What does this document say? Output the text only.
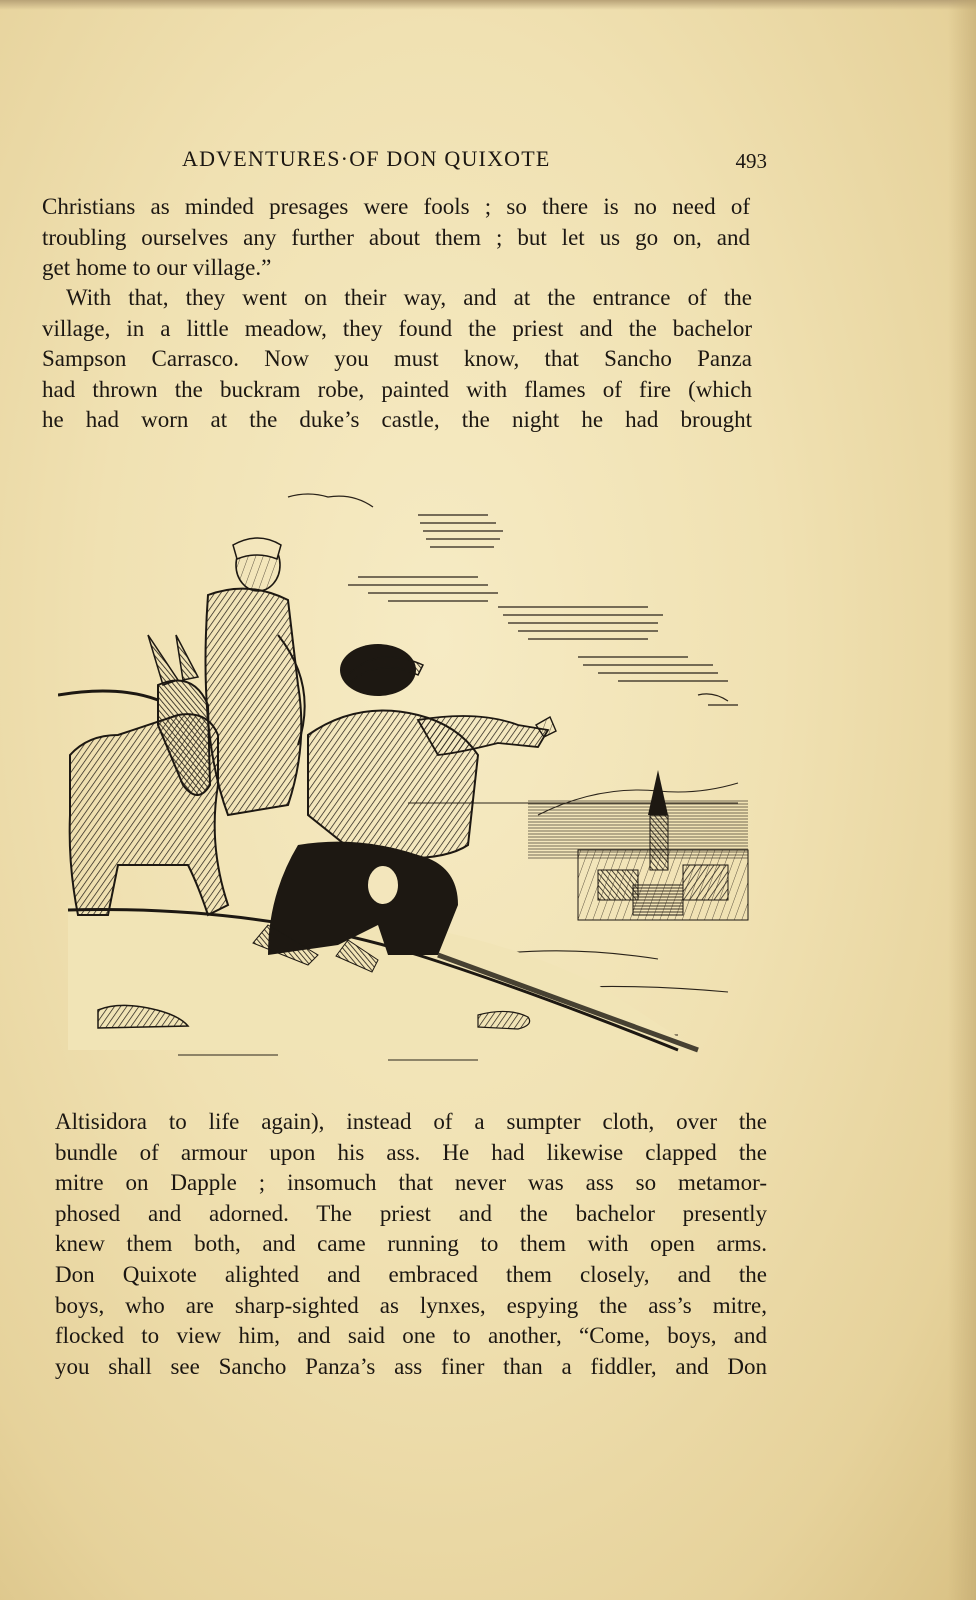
ADVENTURES·OF DON QUIXOTE	493

Christians as minded presages were fools ; so there is no need of
troubling ourselves any further about them ; but let us go on, and
get home to our village.”

With that, they went on their way, and at the entrance of the
village, in a little meadow, they found the priest and the bachelor
Sampson Carrasco. Now you must know, that Sancho Panza
had thrown the buckram robe, painted with flames of fire (which
he had worn at the duke’s castle, the night he had brought

Altisidora to life again), instead of a sumpter cloth, over the
bundle of armour upon his ass. He had likewise clapped the
mitre on Dapple ; insomuch that never was ass so metamor-
phosed and adorned. The priest and the bachelor presently
knew them both, and came running to them with open arms.
Don Quixote alighted and embraced them closely, and the
boys, who are sharp-sighted as lynxes, espying the ass’s mitre,
flocked to view him, and said one to another, “Come, boys, and
you shall see Sancho Panza’s ass finer than a fiddler, and Don
